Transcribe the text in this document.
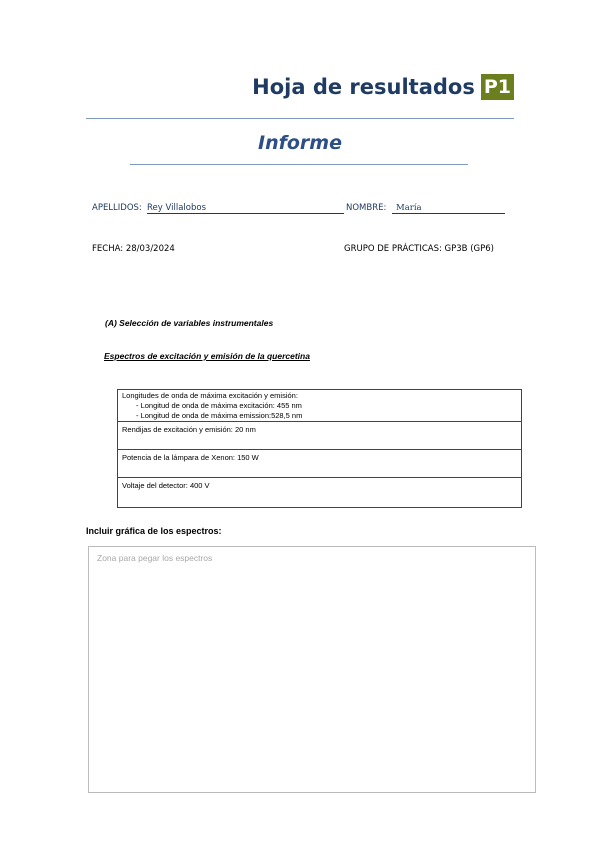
Hoja de resultados P1
Informe
APELLIDOS: Rey Villalobos	NOMBRE:	María
FECHA: 28/03/2024	GRUPO DE PRÁCTICAS: GP3B (GP6)
(A) Selección de variables instrumentales
Espectros de excitación y emisión de la quercetina
Longitudes de onda de máxima excitación y emisión:
- Longitud de onda de máxima excitación: 455 nm
- Longitud de onda de máxima emission:528,5 nm
Rendijas de excitación y emisión: 20 nm
Potencia de la lámpara de Xenon: 150 W
Voltaje del detector: 400 V
Incluir gráfica de los espectros:
Zona para pegar los espectros
